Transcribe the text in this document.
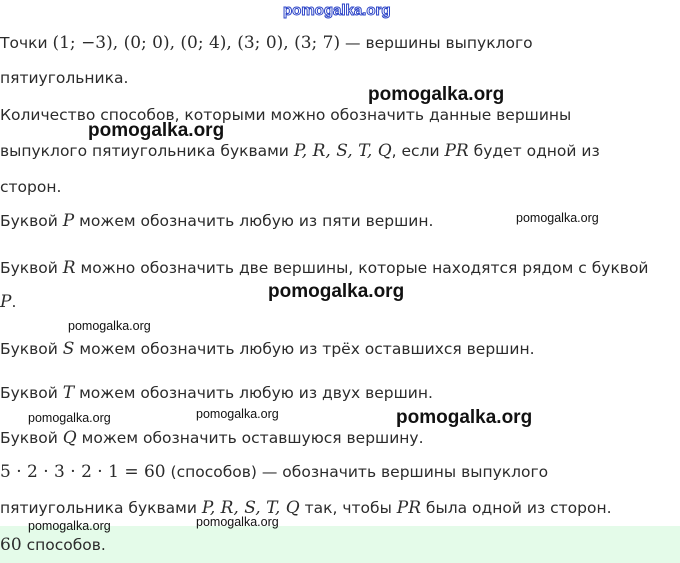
Точки (1; −3), (0; 0), (0; 4), (3; 0), (3; 7) — вершины выпуклого
пятиугольника.
Количество способов, которыми можно обозначить данные вершины
выпуклого пятиугольника буквами P, R, S, T, Q, если PR будет одной из
сторон.
Буквой P можем обозначить любую из пяти вершин.
Буквой R можно обозначить две вершины, которые находятся рядом с буквой
P.
Буквой S можем обозначить любую из трёх оставшихся вершин.
Буквой T можем обозначить любую из двух вершин.
Буквой Q можем обозначить оставшуюся вершину.
5 · 2 · 3 · 2 · 1 = 60 (способов) — обозначить вершины выпуклого
пятиугольника буквами P, R, S, T, Q так, чтобы PR была одной из сторон.
60 способов.
pomogalka.org
pomogalka.org
pomogalka.org
pomogalka.org
pomogalka.org
pomogalka.org
pomogalka.org
pomogalka.org	pomogalka.org
pomogalka.org
pomogalka.org
